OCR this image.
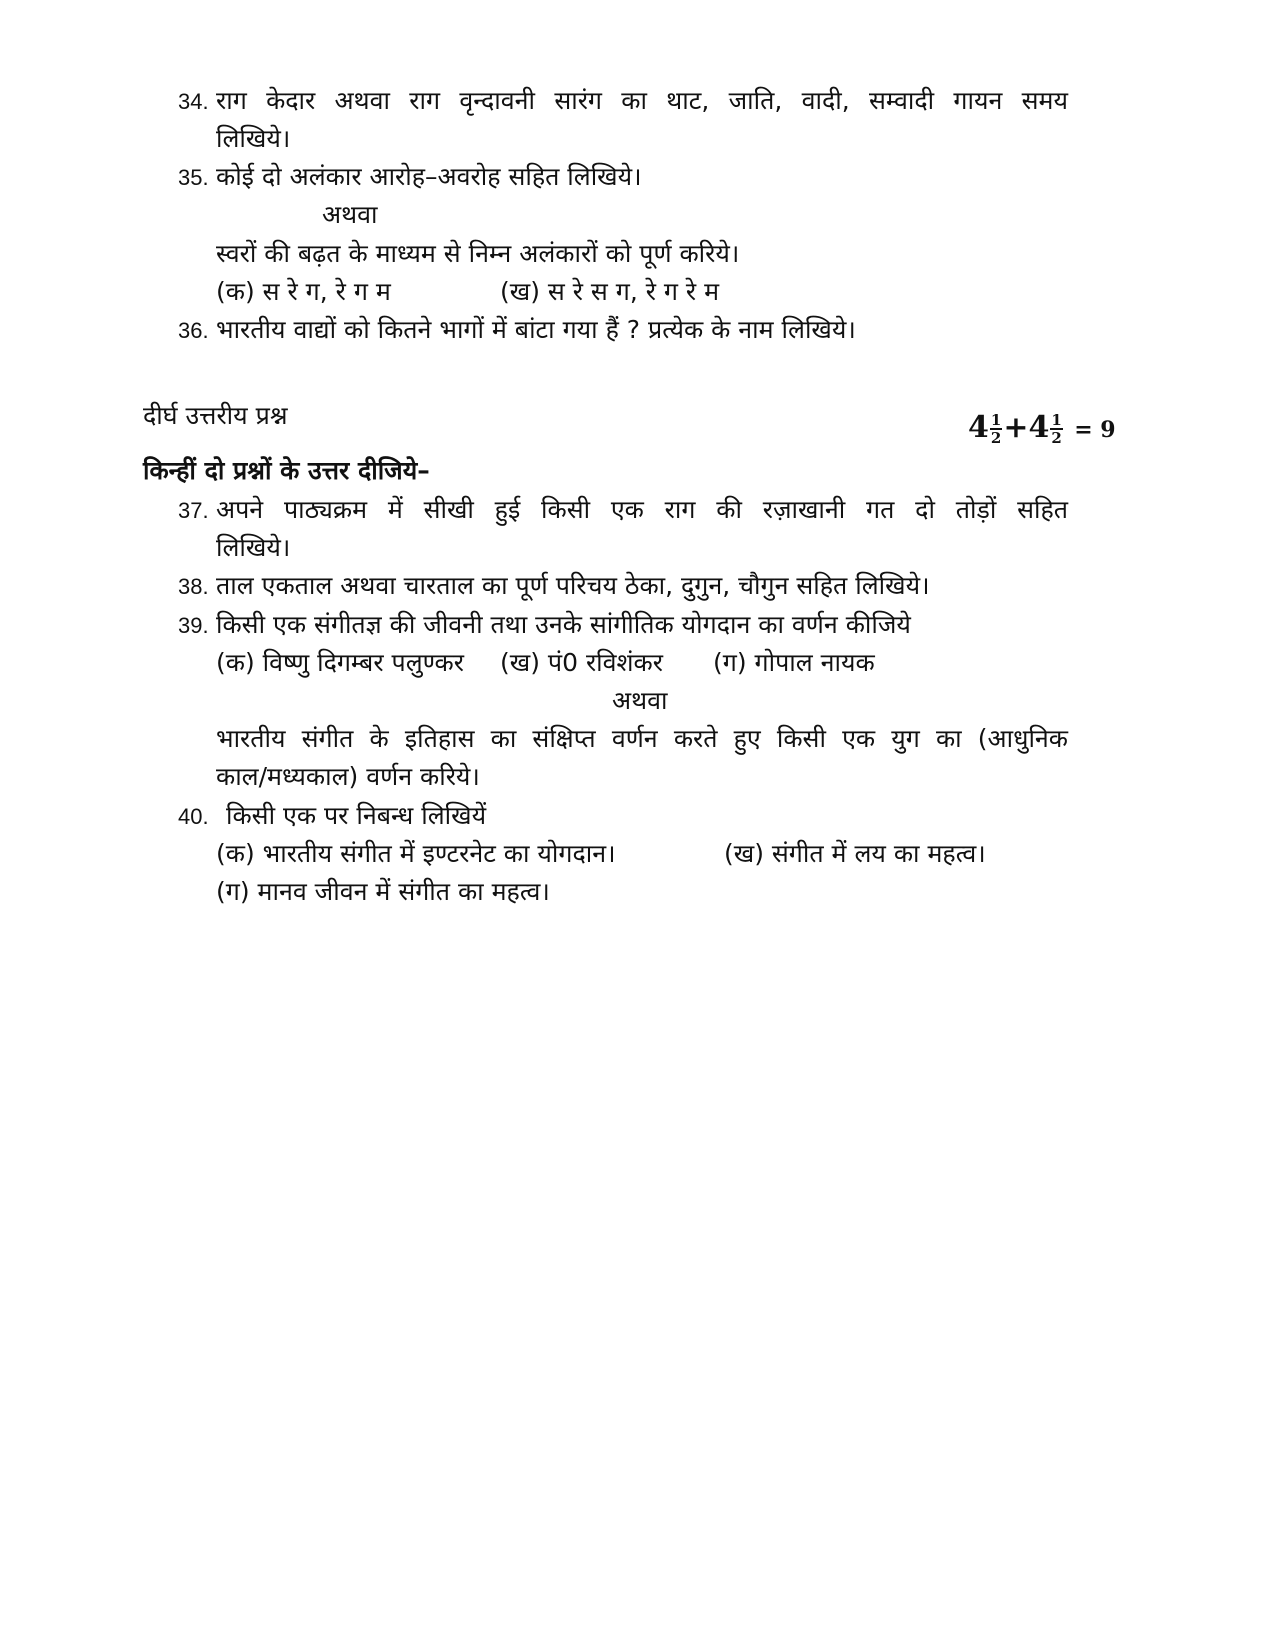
34. राग केदार अथवा राग वृन्दावनी सारंग का थाट, जाति, वादी, सम्वादी गायन समय
लिखिये।
35. कोई दो अलंकार आरोह–अवरोह सहित लिखिये।
अथवा
स्वरों की बढ़त के माध्यम से निम्न अलंकारों को पूर्ण करिये।
(क) स रे ग, रे ग म	(ख) स रे स ग, रे ग रे म
36. भारतीय वाद्यों को कितने भागों में बांटा गया हैं ? प्रत्येक के नाम लिखिये।
दीर्घ उत्तरीय प्रश्न	$4 \frac{1}{2} +4 \frac{1}{2} = 9$
किन्हीं दो प्रश्नों के उत्तर दीजिये–
37. अपने पाठ्यक्रम में सीखी हुई किसी एक राग की रज़ाखानी गत दो तोड़ों सहित
लिखिये।
38. ताल एकताल अथवा चारताल का पूर्ण परिचय ठेका, दुगुन, चौगुन सहित लिखिये।
39. किसी एक संगीतज्ञ की जीवनी तथा उनके सांगीतिक योगदान का वर्णन कीजिये
(क) विष्णु दिगम्बर पलुण्कर (ख) पं0 रविशंकर (ग) गोपाल नायक
अथवा
भारतीय संगीत के इतिहास का संक्षिप्त वर्णन करते हुए किसी एक युग का (आधुनिक
काल/मध्यकाल) वर्णन करिये।
40. किसी एक पर निबन्ध लिखियें
(क) भारतीय संगीत में इण्टरनेट का योगदान।	(ख) संगीत में लय का महत्व।
(ग) मानव जीवन में संगीत का महत्व।
